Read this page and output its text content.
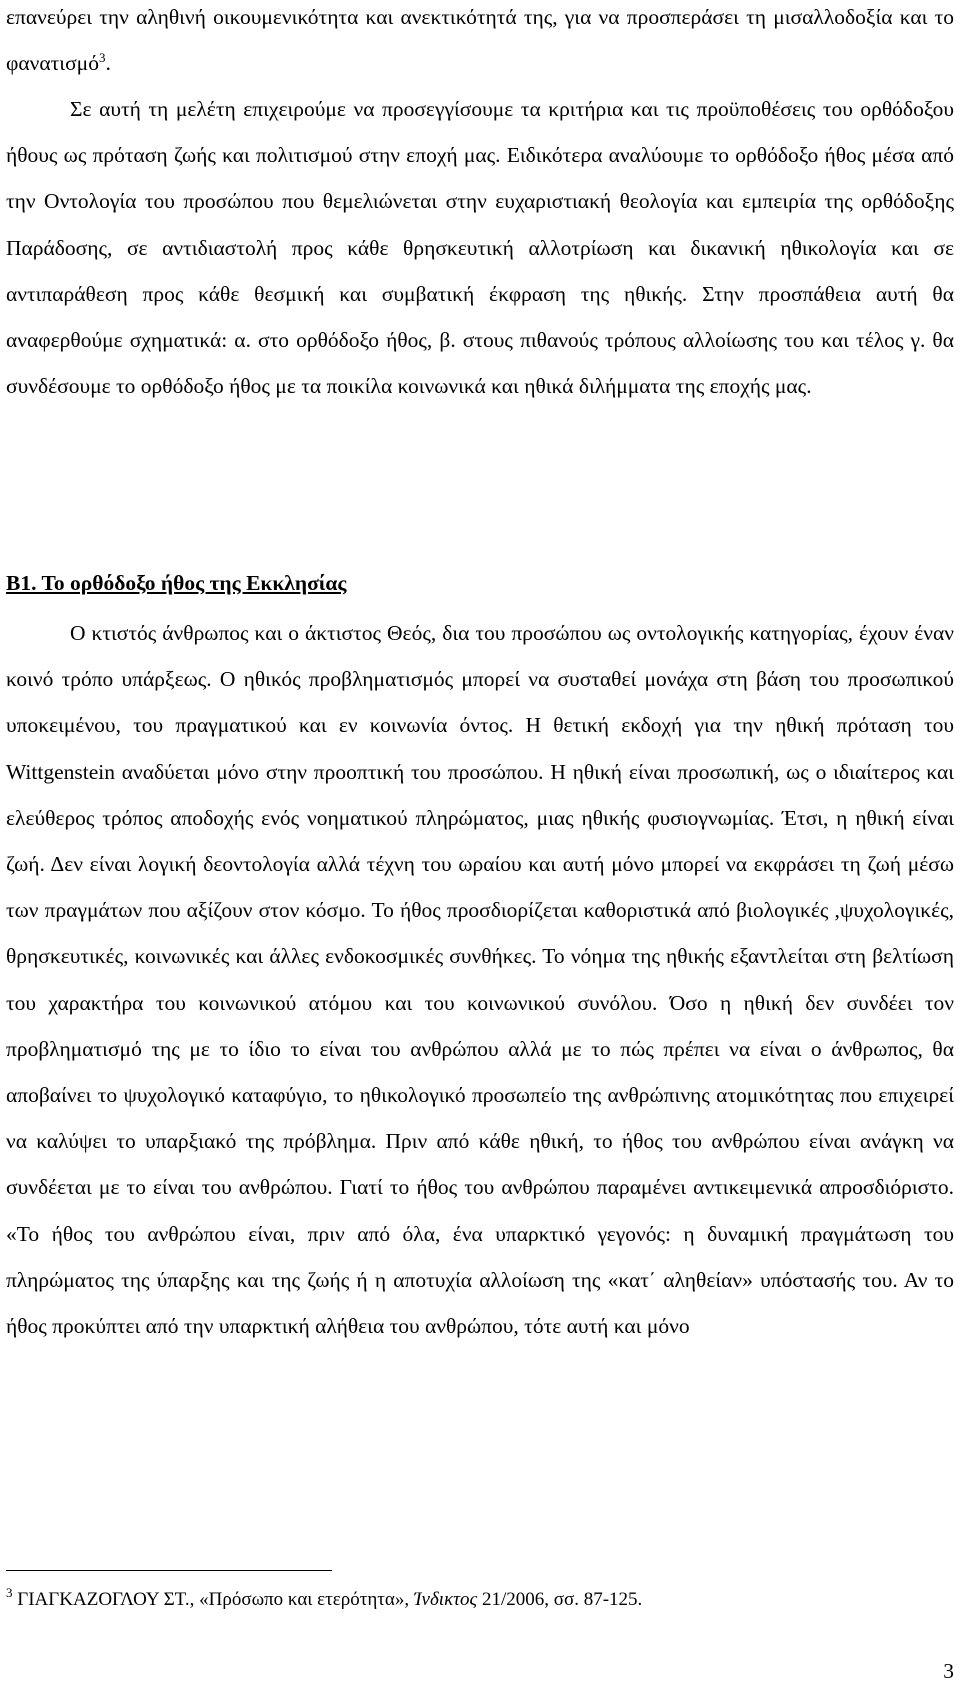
επανεύρει την αληθινή οικουμενικότητα και ανεκτικότητά της, για να προσπεράσει τη μισαλλοδοξία και το φανατισμό$^3$.

Σε αυτή τη μελέτη επιχειρούμε να προσεγγίσουμε τα κριτήρια και τις προϋποθέσεις του ορθόδοξου ήθους ως πρόταση ζωής και πολιτισμού στην εποχή μας. Ειδικότερα αναλύουμε το ορθόδοξο ήθος μέσα από την Οντολογία του προσώπου που θεμελιώνεται στην ευχαριστιακή θεολογία και εμπειρία της ορθόδοξης Παράδοσης, σε αντιδιαστολή προς κάθε θρησκευτική αλλοτρίωση και δικανική ηθικολογία και σε αντιπαράθεση προς κάθε θεσμική και συμβατική έκφραση της ηθικής. Στην προσπάθεια αυτή θα αναφερθούμε σχηματικά: α. στο ορθόδοξο ήθος, β. στους πιθανούς τρόπους αλλοίωσης του και τέλος γ. θα συνδέσουμε το ορθόδοξο ήθος με τα ποικίλα κοινωνικά και ηθικά διλήμματα της εποχής μας.

Β1. Το ορθόδοξο ήθος της Εκκλησίας

Ο κτιστός άνθρωπος και ο άκτιστος Θεός, δια του προσώπου ως οντολογικής κατηγορίας, έχουν έναν κοινό τρόπο υπάρξεως. Ο ηθικός προβληματισμός μπορεί να συσταθεί μονάχα στη βάση του προσωπικού υποκειμένου, του πραγματικού και εν κοινωνία όντος. Η θετική εκδοχή για την ηθική πρόταση του Wittgenstein αναδύεται μόνο στην προοπτική του προσώπου. Η ηθική είναι προσωπική, ως ο ιδιαίτερος και ελεύθερος τρόπος αποδοχής ενός νοηματικού πληρώματος, μιας ηθικής φυσιογνωμίας. Έτσι, η ηθική είναι ζωή. Δεν είναι λογική δεοντολογία αλλά τέχνη του ωραίου και αυτή μόνο μπορεί να εκφράσει τη ζωή μέσω των πραγμάτων που αξίζουν στον κόσμο. Το ήθος προσδιορίζεται καθοριστικά από βιολογικές ,ψυχολογικές, θρησκευτικές, κοινωνικές και άλλες ενδοκοσμικές συνθήκες. Το νόημα της ηθικής εξαντλείται στη βελτίωση του χαρακτήρα του κοινωνικού ατόμου και του κοινωνικού συνόλου. Όσο η ηθική δεν συνδέει τον προβληματισμό της με το ίδιο το είναι του ανθρώπου αλλά με το πώς πρέπει να είναι ο άνθρωπος, θα αποβαίνει το ψυχολογικό καταφύγιο, το ηθικολογικό προσωπείο της ανθρώπινης ατομικότητας που επιχειρεί να καλύψει το υπαρξιακό της πρόβλημα. Πριν από κάθε ηθική, το ήθος του ανθρώπου είναι ανάγκη να συνδέεται με το είναι του ανθρώπου. Γιατί το ήθος του ανθρώπου παραμένει αντικειμενικά απροσδιόριστο. «Το ήθος του ανθρώπου είναι, πριν από όλα, ένα υπαρκτικό γεγονός: η δυναμική πραγμάτωση του πληρώματος της ύπαρξης και της ζωής ή η αποτυχία αλλοίωση της «κατ΄ αληθείαν» υπόστασής του. Αν το ήθος προκύπτει από την υπαρκτική αλήθεια του ανθρώπου, τότε αυτή και μόνο

$^3$ ΓΙΑΓΚΑΖΟΓΛΟΥ ΣΤ., «Πρόσωπο και ετερότητα», Ίνδικτος 21/2006, σσ. 87-125.

3
